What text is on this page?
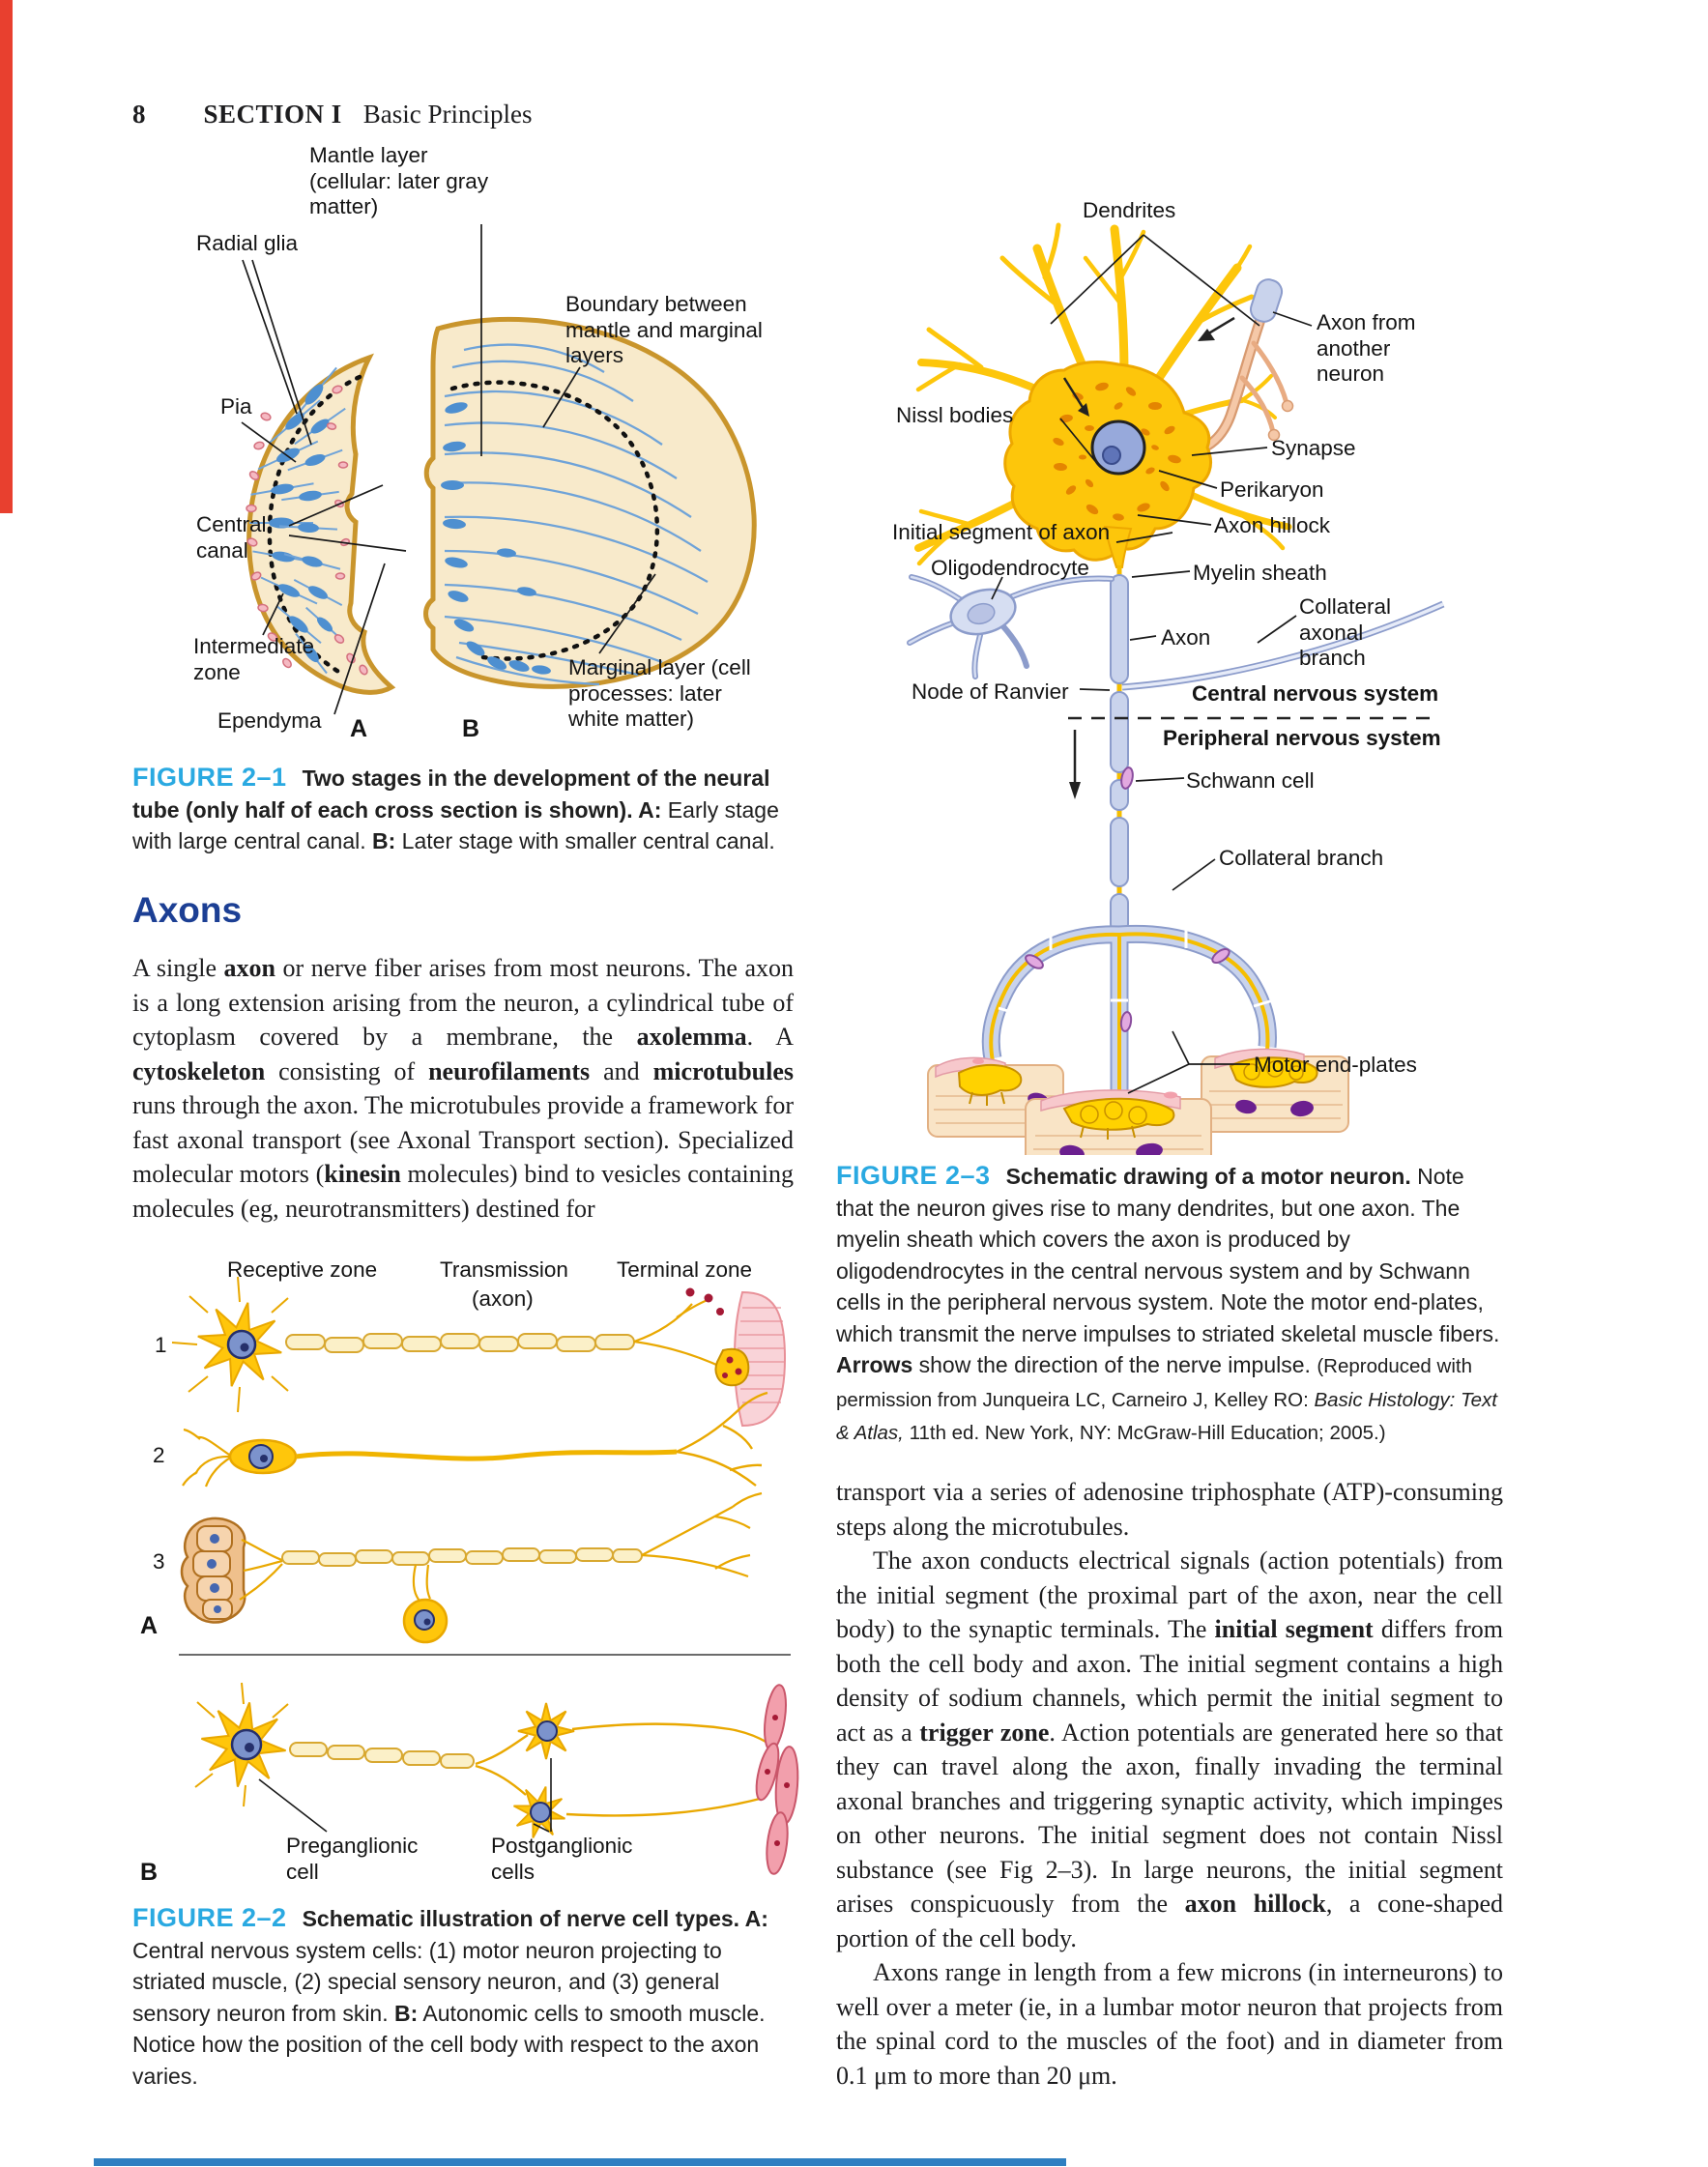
8 SECTION I Basic Principles
Mantle layer (cellular: later gray matter)
Boundary between mantle and marginal layers
Radial glia
Pia
Central canal
Intermediate zone
Ependyma
Marginal layer (cell processes: later white matter)
A	B
FIGURE 2–1 Two stages in the development of the neural tube (only half of each cross section is shown). A: Early stage with large central canal. B: Later stage with smaller central canal.
Axons

A single axon or nerve fiber arises from most neurons. The axon is a long extension arising from the neuron, a cylindrical tube of cytoplasm covered by a membrane, the axolemma. A cytoskeleton consisting of neurofilaments and microtubules runs through the axon. The microtubules provide a framework for fast axonal transport (see Axonal Transport section). Specialized molecular motors (kinesin molecules) bind to vesicles containing molecules (eg, neurotransmitters) destined for

Receptive zone	Transmission
(axon)
Terminal zone
1
2
3
A
Preganglionic cell
Postganglionic cells
B
FIGURE 2–2 Schematic illustration of nerve cell types. A: Central nervous system cells: (1) motor neuron projecting to striated muscle, (2) special sensory neuron, and (3) general sensory neuron from skin. B: Autonomic cells to smooth muscle. Notice how the position of the cell body with respect to the axon varies.
Dendrites
Axon from another neuron
Nissl bodies
Synapse
Perikaryon
Axon hillock
Initial segment of axon
Oligodendrocyte	Myelin sheath
Collateral axonal branch
Axon
Node of Ranvier	Central nervous system
Peripheral nervous system
Schwann cell
Collateral branch
Motor end-plates
FIGURE 2–3 Schematic drawing of a motor neuron. Note that the neuron gives rise to many dendrites, but one axon. The myelin sheath which covers the axon is produced by oligodendrocytes in the central nervous system and by Schwann cells in the peripheral nervous system. Note the motor end-plates, which transmit the nerve impulses to striated skeletal muscle fibers. Arrows show the direction of the nerve impulse. (Reproduced with permission from Junqueira LC, Carneiro J, Kelley RO: Basic Histology: Text & Atlas, 11th ed. New York, NY: McGraw-Hill Education; 2005.)

transport via a series of adenosine triphosphate (ATP)-consuming steps along the microtubules.

The axon conducts electrical signals (action potentials) from the initial segment (the proximal part of the axon, near the cell body) to the synaptic terminals. The initial segment differs from both the cell body and axon. The initial segment contains a high density of sodium channels, which permit the initial segment to act as a trigger zone. Action potentials are generated here so that they can travel along the axon, finally invading the terminal axonal branches and triggering synaptic activity, which impinges on other neurons. The initial segment does not contain Nissl substance (see Fig 2–3). In large neurons, the initial segment arises conspicuously from the axon hillock, a cone-shaped portion of the cell body.

Axons range in length from a few microns (in interneurons) to well over a meter (ie, in a lumbar motor neuron that projects from the spinal cord to the muscles of the foot) and in diameter from 0.1 μm to more than 20 μm.
